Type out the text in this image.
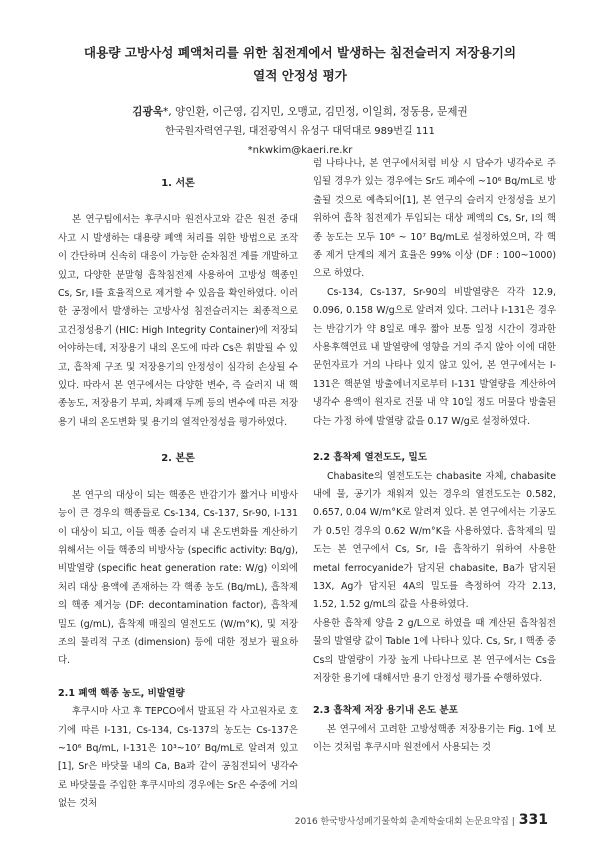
대용량 고방사성 폐액처리를 위한 침전계에서 발생하는 침전슬러지 저장용기의
열적 안정성 평가
김광욱*, 양인환, 이근영, 김지민, 오맹교, 김민정, 이일희, 정동용, 문제권
한국원자력연구원, 대전광역시 유성구 대덕대로 989번길 111
*nkwkim@kaeri.re.kr
1. 서론

본 연구팀에서는 후쿠시마 원전사고와 같은 원전 중대사고 시 발생하는 대용량 폐액 처리를 위한 방법으로 조작이 간단하며 신속히 대응이 가능한 순차침전 계를 개발하고 있고, 다양한 분말형 흡착침전제 사용하여 고방성 핵종인 Cs, Sr, I를 효율적으로 제거할 수 있음을 확인하였다. 이러한 공정에서 발생하는 고방사성 침전슬러지는 최종적으로 고건정성용기 (HIC: High Integrity Container)에 저장되어야하는데, 저장용기 내의 온도에 따라 Cs은 휘발될 수 있고, 흡착제 구조 및 저장용기의 안정성이 심각히 손상될 수 있다. 따라서 본 연구에서는 다양한 변수, 즉 슬러지 내 핵종농도, 저장용기 부피, 차폐재 두께 등의 변수에 따른 저장용기 내의 온도변화 및 용기의 열적안정성을 평가하였다.

2. 본론

본 연구의 대상이 되는 핵종은 반감기가 짧거나 비방사능이 큰 경우의 핵종들로 Cs-134, Cs-137, Sr-90, I-131이 대상이 되고, 이들 핵종 슬러지 내 온도변화를 계산하기 위해서는 이들 핵종의 비방사능 (specific activity: Bq/g), 비발열량 (specific heat generation rate: W/g) 이외에 처리 대상 용액에 존재하는 각 핵종 농도 (Bq/mL), 흡착제의 핵종 제거능 (DF: decontamination factor), 흡착제 밀도 (g/mL), 흡착제 매질의 열전도도 (W/m°K), 및 저장조의 물리적 구조 (dimension) 등에 대한 정보가 필요하다.

2.1 폐액 핵종 농도, 비발열량

후쿠시마 사고 후 TEPCO에서 발표된 각 사고원자로 호기에 따른 I-131, Cs-134, Cs-137의 농도는 Cs-137은 ~10⁶ Bq/mL, I-131은 10³~10⁷ Bq/mL로 알려져 있고[1], Sr은 바닷물 내의 Ca, Ba과 같이 공침전되어 냉각수로 바닷물을 주입한 후쿠시마의 경우에는 Sr은 수중에 거의 없는 것처

럼 나타나나, 본 연구에서처럼 비상 시 담수가 냉각수로 주입될 경우가 있는 경우에는 Sr도 폐수에 ~10⁶ Bq/mL로 방출될 것으로 예측되어[1], 본 연구의 슬러지 안정성을 보기 위하여 흡착 침전제가 투입되는 대상 폐액의 Cs, Sr, I의 핵종 농도는 모두 10⁶ ~ 10⁷ Bq/mL로 설정하였으며, 각 핵종 제거 단계의 제거 효율은 99% 이상 (DF : 100~1000)으로 하였다.

Cs-134, Cs-137, Sr-90의 비발열량은 각각 12.9, 0.096, 0.158 W/g으로 알려져 있다. 그러나 I-131은 경우는 반감기가 약 8일로 매우 짧아 보통 일정 시간이 경과한 사용후핵연료 내 발열량에 영향을 거의 주지 않아 이에 대한 문헌자료가 거의 나타나 있지 않고 있어, 본 연구에서는 I-131은 핵분열 방출에너지로부터 I-131 발열량을 계산하여 냉각수 용액이 원자로 건물 내 약 10일 정도 머물다 방출된다는 가정 하에 발열량 값을 0.17 W/g로 설정하였다.

2.2 흡착제 열전도도, 밀도

Chabasite의 열전도도는 chabasite 자체, chabasite 내에 물, 공기가 채워져 있는 경우의 열전도도는 0.582, 0.657, 0.04 W/m°K로 알려져 있다. 본 연구에서는 기공도가 0.5인 경우의 0.62 W/m°K을 사용하였다. 흡착제의 밀도는 본 연구에서 Cs, Sr, I을 흡착하기 위하여 사용한 metal ferrocyanide가 담지된 chabasite, Ba가 담지된 13X, Ag가 담지된 4A의 밀도를 측정하여 각각 2.13, 1.52, 1.52 g/mL의 값을 사용하였다.

사용한 흡착제 양을 2 g/L으로 하였을 때 계산된 흡착침전물의 발열량 값이 Table 1에 나타나 있다. Cs, Sr, I 핵종 중 Cs의 발열량이 가장 높게 나타나므로 본 연구에서는 Cs을 저장한 용기에 대해서만 용기 안정성 평가를 수행하였다.

2.3 흡착제 저장 용기내 온도 분포

본 연구에서 고려한 고방성핵종 저장용기는 Fig. 1에 보이는 것처럼 후쿠시마 원전에서 사용되는 것

2016 한국방사성폐기물학회 춘계학술대회 논문요약집 | 331
